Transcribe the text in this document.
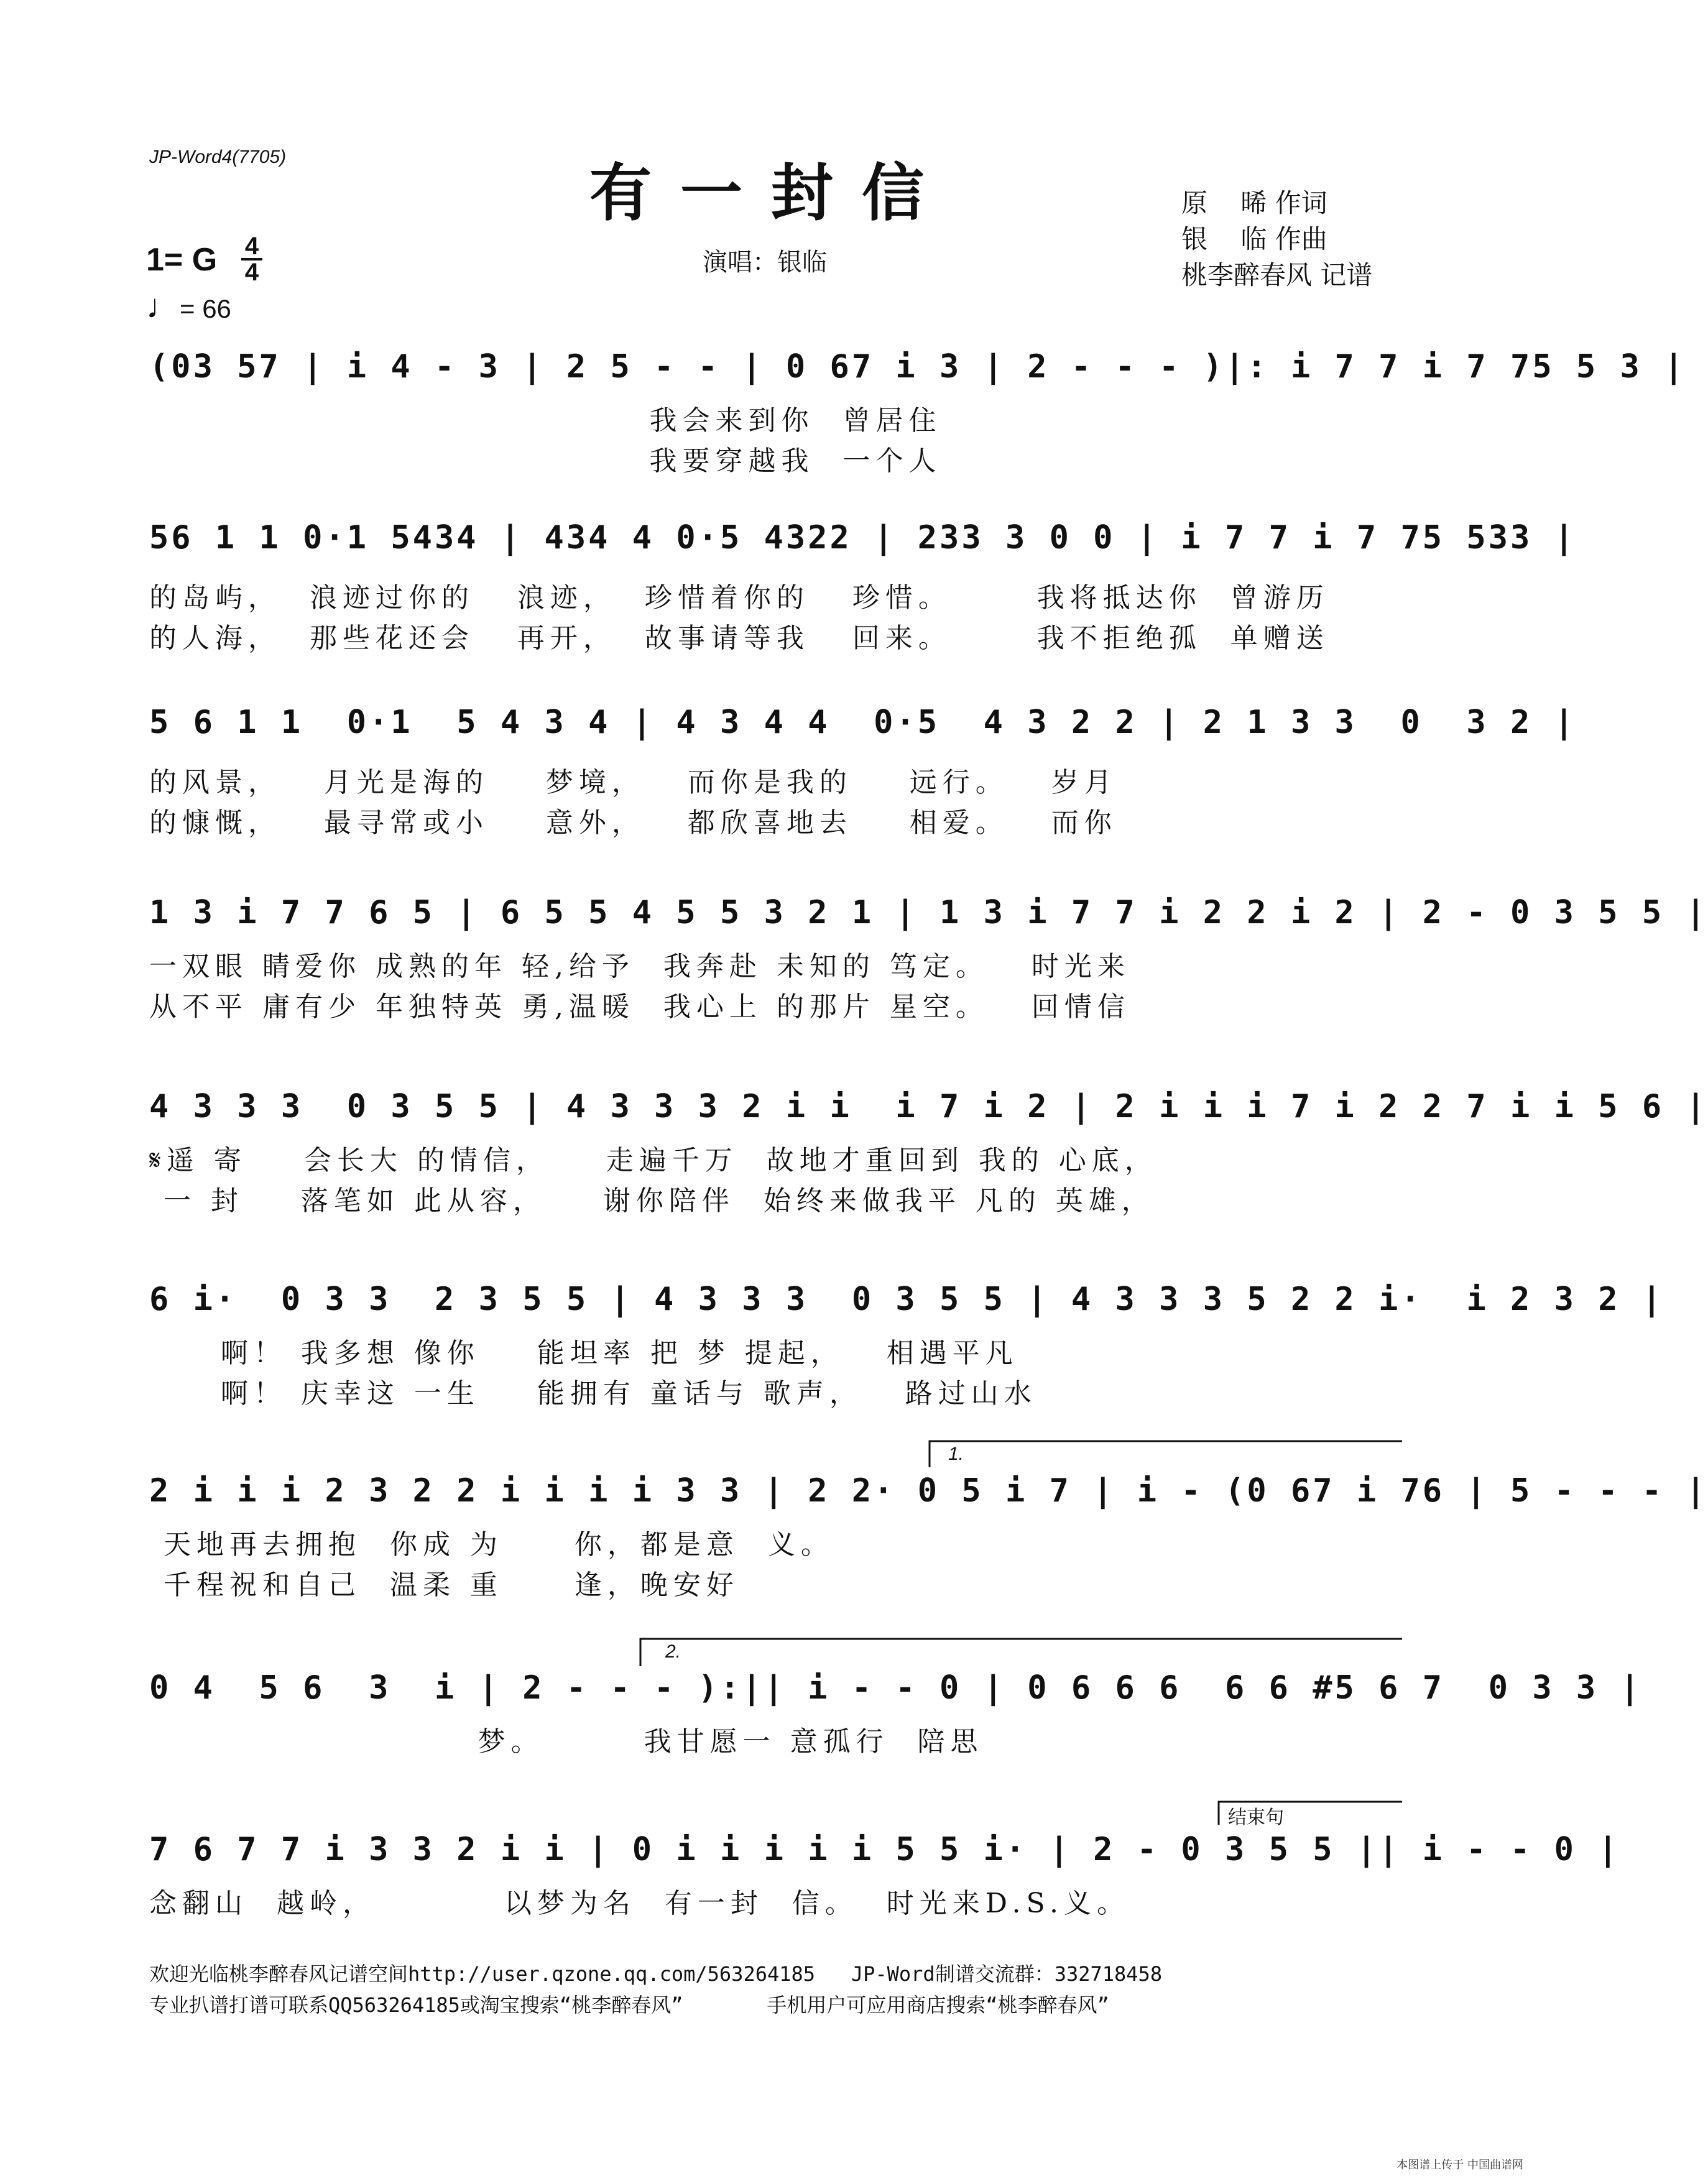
JP-Word4(7705)	有一封信
演唱：银临
原    晞 作词
银    临 作曲
桃李醉春风 记谱
1= G 4
4
♩= 66
(03 57 | i 4 - 3 | 2 5 - - | 0 67 i 3 | 2 - - - )|: i 7 7 i 7 75 5 3 |
我会来到你  曾居住
我要穿越我  一个人
56 1 1 0·1 5434 | 434 4 0·5 4322 | 233 3 0 0 | i 7 7 i 7 75 533 |
的岛屿，  浪迹过你的   浪迹，  珍惜着你的   珍惜。      我将抵达你  曾游历
的人海，  那些花还会   再开，  故事请等我   回来。      我不拒绝孤  单赠送
5 6 1 1  0·1  5 4 3 4 | 4 3 4 4  0·5  4 3 2 2 | 2 1 3 3  0  3 2 |
的风景，   月光是海的    梦境，   而你是我的    远行。   岁月
的慷慨，   最寻常或小    意外，   都欣喜地去    相爱。   而你
1 3 i 7 7 6 5 | 6 5 5 4 5 5 3 2 1 | 1 3 i 7 7 i 2 2 i 2 | 2 - 0 3 5 5 |
一双眼 睛爱你 成熟的年 轻,给予  我奔赴 未知的 笃定。   时光来
从不平 庸有少 年独特英 勇,温暖  我心上 的那片 星空。   回情信
4 3 3 3  0 3 5 5 | 4 3 3 3 2 i i  i 7 i 2 | 2 i i i 7 i 2 2 7 i i 5 6 |
𝄋遥 寄    会长大 的情信，    走遍千万  故地才重回到 我的 心底，
一 封    落笔如 此从容，    谢你陪伴  始终来做我平 凡的 英雄，
6 i·  0 3 3  2 3 5 5 | 4 3 3 3  0 3 5 5 | 4 3 3 3 5 2 2 i·  i 2 3 2 |
啊！ 我多想 像你    能坦率 把 梦 提起，   相遇平凡
啊！ 庆幸这 一生    能拥有 童话与 歌声，   路过山水
2 i i i 2 3 2 2 i i i i 3 3 | 2 2· 0 5 i 7 | i - (0 67 i 76 | 5 - - - |
天地再去拥抱  你成 为     你，都是意  义。
千程祝和自己  温柔 重     逢，晚安好
0 4  5 6  3  i | 2 - - - ):|| i - - 0 | 0 6 6 6  6 6 #5 6 7  0 3 3 |
梦。       我甘愿一 意孤行  陪思
7 6 7 7 i 3 3 2 i i | 0 i i i i i 5 5 i· | 2 - 0 3 5 5 || i - - 0 |
念翻山  越岭，         以梦为名  有一封  信。  时光来D.S.义。
1.
2.
结束句
欢迎光临桃李醉春风记谱空间http://user.qzone.qq.com/563264185   JP-Word制谱交流群：332718458
专业扒谱打谱可联系QQ563264185或淘宝搜索“桃李醉春风”       手机用户可应用商店搜索“桃李醉春风”
本图谱上传于 中国曲谱网
